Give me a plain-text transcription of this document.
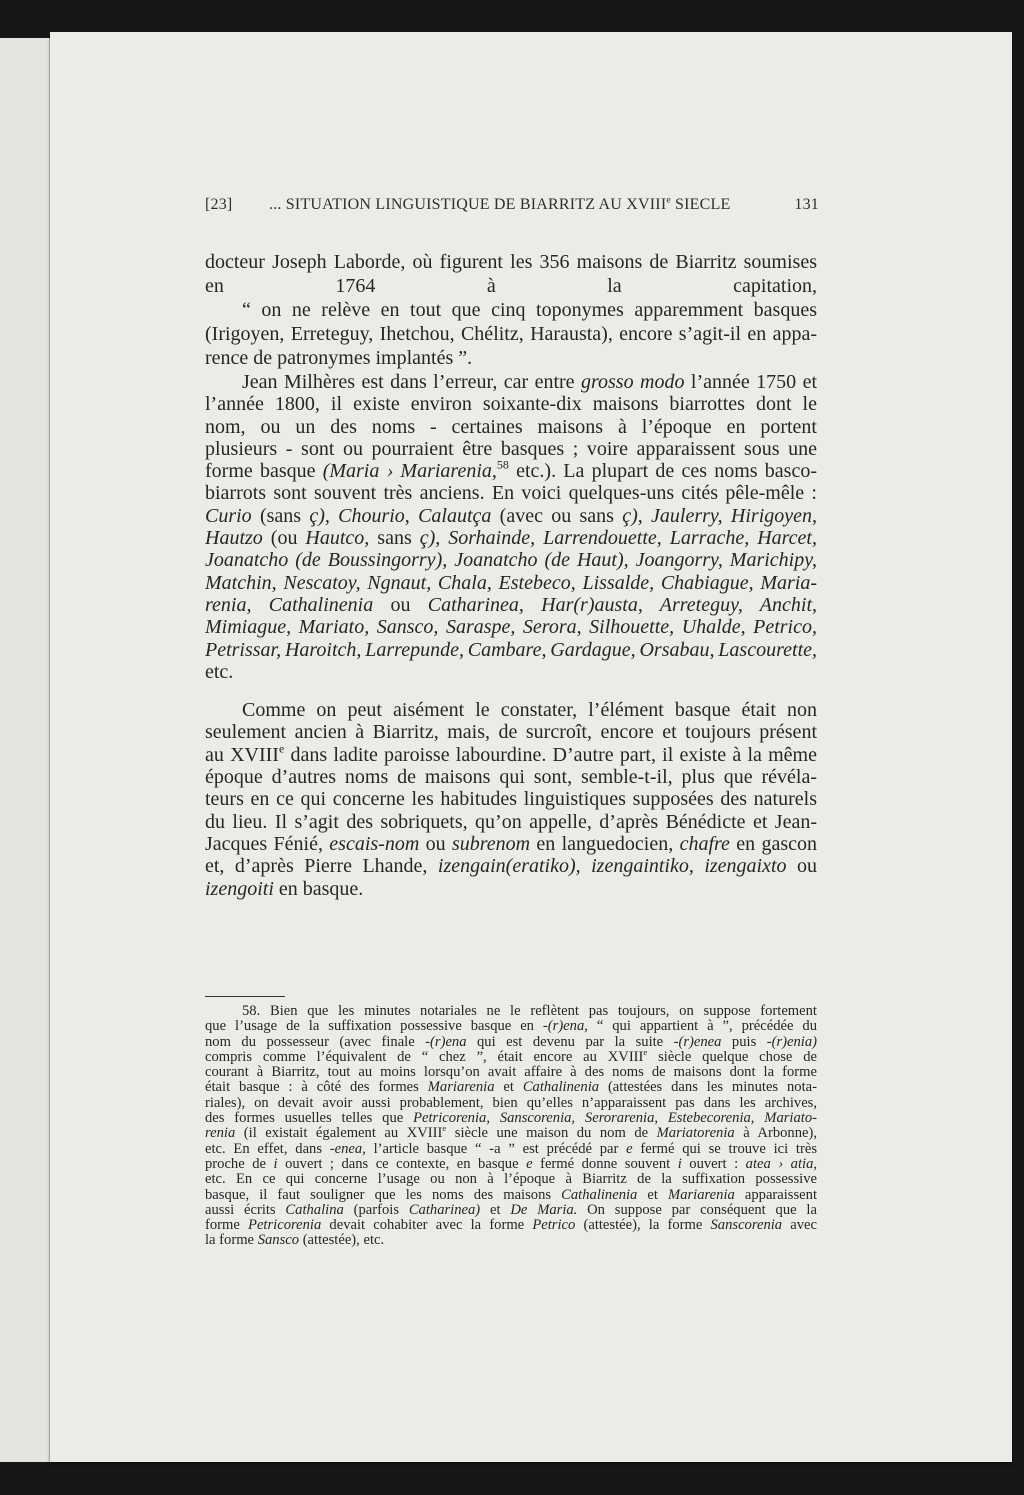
[23]	... SITUATION LINGUISTIQUE DE BIARRITZ AU XVIIIe SIECLE	131
docteur Joseph Laborde, où figurent les 356 maisons de Biarritz soumises
en 1764 à la capitation,
“ on ne relève en tout que cinq toponymes apparemment basques
(Irigoyen, Erreteguy, Ihetchou, Chélitz, Harausta), encore s’agit-il en appa-
rence de patronymes implantés ”.
Jean Milhères est dans l’erreur, car entre grosso modo l’année 1750 et
l’année 1800, il existe environ soixante-dix maisons biarrottes dont le
nom, ou un des noms - certaines maisons à l’époque en portent
plusieurs - sont ou pourraient être basques ; voire apparaissent sous une
forme basque (Maria › Mariarenia,$^{58}$ etc.). La plupart de ces noms basco-
biarrots sont souvent très anciens. En voici quelques-uns cités pêle-mêle :
Curio (sans ç), Chourio, Calautça (avec ou sans ç), Jaulerry, Hirigoyen,
Hautzo (ou Hautco, sans ç), Sorhainde, Larrendouette, Larrache, Harcet,
Joanatcho (de Boussingorry), Joanatcho (de Haut), Joangorry, Marichipy,
Matchin, Nescatoy, Ngnaut, Chala, Estebeco, Lissalde, Chabiague, Maria-
renia, Cathalinenia ou Catharinea, Har(r)austa, Arreteguy, Anchit,
Mimiague, Mariato, Sansco, Saraspe, Serora, Silhouette, Uhalde, Petrico,
Petrissar, Haroitch, Larrepunde, Cambare, Gardague, Orsabau, Lascourette,
etc.
Comme on peut aisément le constater, l’élément basque était non
seulement ancien à Biarritz, mais, de surcroît, encore et toujours présent
au XVIIIe dans ladite paroisse labourdine. D’autre part, il existe à la même
époque d’autres noms de maisons qui sont, semble-t-il, plus que révéla-
teurs en ce qui concerne les habitudes linguistiques supposées des naturels
du lieu. Il s’agit des sobriquets, qu’on appelle, d’après Bénédicte et Jean-
Jacques Fénié, escais-nom ou subrenom en languedocien, chafre en gascon
et, d’après Pierre Lhande, izengain(eratiko), izengaintiko, izengaixto ou
izengoiti en basque.
58. Bien que les minutes notariales ne le reflètent pas toujours, on suppose fortement
que l’usage de la suffixation possessive basque en -(r)ena, “ qui appartient à ”, précédée du
nom du possesseur (avec finale -(r)ena qui est devenu par la suite -(r)enea puis -(r)enia)
compris comme l’équivalent de “ chez ”, était encore au XVIIIe siècle quelque chose de
courant à Biarritz, tout au moins lorsqu’on avait affaire à des noms de maisons dont la forme
était basque : à côté des formes Mariarenia et Cathalinenia (attestées dans les minutes nota-
riales), on devait avoir aussi probablement, bien qu’elles n’apparaissent pas dans les archives,
des formes usuelles telles que Petricorenia, Sanscorenia, Serorarenia, Estebecorenia, Mariato-
renia (il existait également au XVIIIe siècle une maison du nom de Mariatorenia à Arbonne),
etc. En effet, dans -enea, l’article basque “ -a ” est précédé par e fermé qui se trouve ici très
proche de i ouvert ; dans ce contexte, en basque e fermé donne souvent i ouvert : atea › atia,
etc. En ce qui concerne l’usage ou non à l’époque à Biarritz de la suffixation possessive
basque, il faut souligner que les noms des maisons Cathalinenia et Mariarenia apparaissent
aussi écrits Cathalina (parfois Catharinea) et De Maria. On suppose par conséquent que la
forme Petricorenia devait cohabiter avec la forme Petrico (attestée), la forme Sanscorenia avec
la forme Sansco (attestée), etc.
